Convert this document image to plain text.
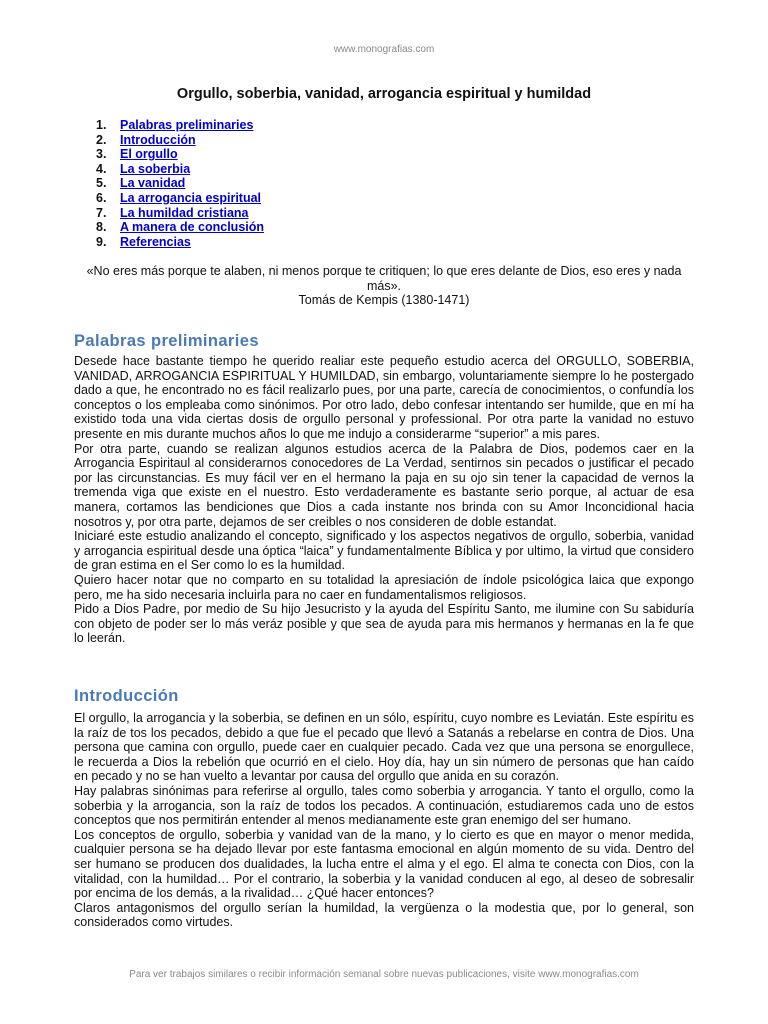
www.monografias.com
Orgullo, soberbia, vanidad, arrogancia espiritual y humildad
1. Palabras preliminaries
2. Introducción
3. El orgullo
4. La soberbia
5. La vanidad
6. La arrogancia espiritual
7. La humildad cristiana
8. A manera de conclusión
9. Referencias

«No eres más porque te alaben, ni menos porque te critiquen; lo que eres delante de Dios, eso eres y nada más».

Tomás de Kempis (1380-1471)

Palabras preliminaries

Desede hace bastante tiempo he querido realiar este pequeño estudio acerca del ORGULLO, SOBERBIA, VANIDAD, ARROGANCIA ESPIRITUAL Y HUMILDAD, sin embargo, voluntariamente siempre lo he postergado dado a que, he encontrado no es fácil realizarlo pues, por una parte, carecía de conocimientos, o confundía los conceptos o los empleaba como sinónimos. Por otro lado, debo confesar intentando ser humilde, que en mí ha existido toda una vida ciertas dosis de orgullo personal y professional. Por otra parte la vanidad no estuvo presente en mis durante muchos años lo que me indujo a considerarme “superior” a mis pares.

Por otra parte, cuando se realizan algunos estudios acerca de la Palabra de Dios, podemos caer en la Arrogancia Espiritaul al considerarnos conocedores de La Verdad, sentirnos sin pecados o justificar el pecado por las circunstancias. Es muy fácil ver en el hermano la paja en su ojo sin tener la capacidad de vernos la tremenda viga que existe en el nuestro. Esto verdaderamente es bastante serio porque, al actuar de esa manera, cortamos las bendiciones que Dios a cada instante nos brinda con su Amor Inconcidional hacia nosotros y, por otra parte, dejamos de ser creibles o nos consideren de doble estandat.

Iniciaré este estudio analizando el concepto, significado y los aspectos negativos de orgullo, soberbia, vanidad y arrogancia espiritual desde una óptica “laica” y fundamentalmente Bíblica y por ultimo, la virtud que considero de gran estima en el Ser como lo es la humildad.

Quiero hacer notar que no comparto en su totalidad la apresiación de índole psicológica laica que expongo pero, me ha sido necesaria incluirla para no caer en fundamentalismos religiosos.

Pido a Dios Padre, por medio de Su hijo Jesucristo y la ayuda del Espíritu Santo, me ilumine con Su sabiduría con objeto de poder ser lo más veráz posible y que sea de ayuda para mis hermanos y hermanas en la fe que lo leerán.

Introducción

El orgullo, la arrogancia y la soberbia, se definen en un sólo, espíritu, cuyo nombre es Leviatán. Este espíritu es la raíz de tos los pecados, debido a que fue el pecado que llevó a Satanás a rebelarse en contra de Dios. Una persona que camina con orgullo, puede caer en cualquier pecado. Cada vez que una persona se enorgullece, le recuerda a Dios la rebelión que ocurrió en el cielo. Hoy día, hay un sin número de personas que han caído en pecado y no se han vuelto a levantar por causa del orgullo que anida en su corazón.

Hay palabras sinónimas para referirse al orgullo, tales como soberbia y arrogancia. Y tanto el orgullo, como la soberbia y la arrogancia, son la raíz de todos los pecados. A continuación, estudiaremos cada uno de estos conceptos que nos permitirán entender al menos medianamente este gran enemigo del ser humano.

Los conceptos de orgullo, soberbia y vanidad van de la mano, y lo cierto es que en mayor o menor medida, cualquier persona se ha dejado llevar por este fantasma emocional en algún momento de su vida. Dentro del ser humano se producen dos dualidades, la lucha entre el alma y el ego. El alma te conecta con Dios, con la vitalidad, con la humildad… Por el contrario, la soberbia y la vanidad conducen al ego, al deseo de sobresalir por encima de los demás, a la rivalidad… ¿Qué hacer entonces?

Claros antagonismos del orgullo serían la humildad, la vergüenza o la modestia que, por lo general, son considerados como virtudes.

Para ver trabajos similares o recibir información semanal sobre nuevas publicaciones, visite www.monografias.com
